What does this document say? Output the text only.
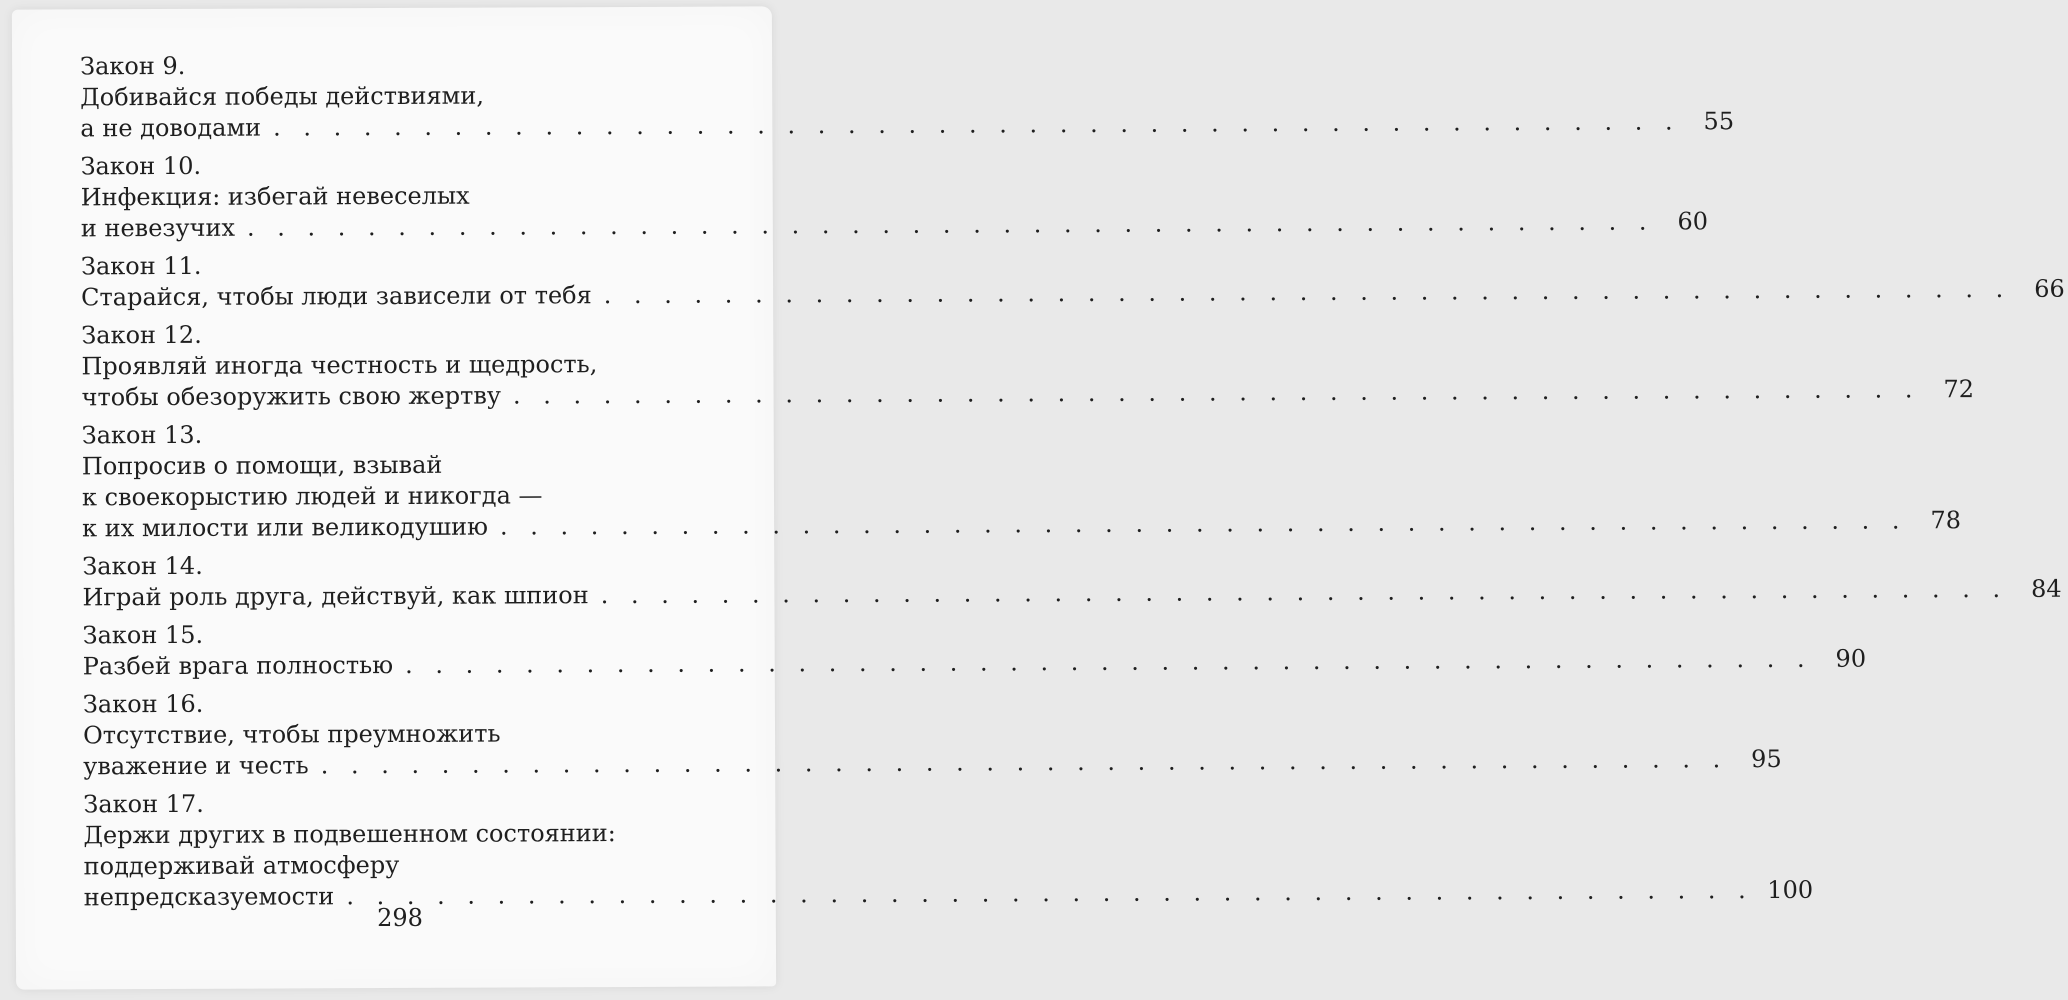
Закон 9.
Добивайся победы действиями,
а не доводами . . . . . . . . . . . . . . . . . . . . . . . . . . . . . . . . . . . . . . . . . . . . . . . 55
Закон 10.
Инфекция: избегай невеселых
и невезучих . . . . . . . . . . . . . . . . . . . . . . . . . . . . . . . . . . . . . . . . . . . . . . . 60
Закон 11.
Старайся, чтобы люди зависели от тебя . . . . . . . . . . . . . . . . . . . . . . . . . . . . . . . . . . . . . . . . . . . . . . . 66
Закон 12.
Проявляй иногда честность и щедрость,
чтобы обезоружить свою жертву . . . . . . . . . . . . . . . . . . . . . . . . . . . . . . . . . . . . . . . . . . . . . . . 72
Закон 13.
Попросив о помощи, взывай
к своекорыстию людей и никогда —
к их милости или великодушию . . . . . . . . . . . . . . . . . . . . . . . . . . . . . . . . . . . . . . . . . . . . . . . 78
Закон 14.
Играй роль друга, действуй, как шпион . . . . . . . . . . . . . . . . . . . . . . . . . . . . . . . . . . . . . . . . . . . . . . . 84
Закон 15.
Разбей врага полностью . . . . . . . . . . . . . . . . . . . . . . . . . . . . . . . . . . . . . . . . . . . . . . . 90
Закон 16.
Отсутствие, чтобы преумножить
уважение и честь . . . . . . . . . . . . . . . . . . . . . . . . . . . . . . . . . . . . . . . . . . . . . . . 95
Закон 17.
Держи других в подвешенном состоянии:
поддерживай атмосферу
непредсказуемости . . . . . . . . . . . . . . . . . . . . . . . . . . . . . . . . . . . . . . . . . . . . . . . 100
298
